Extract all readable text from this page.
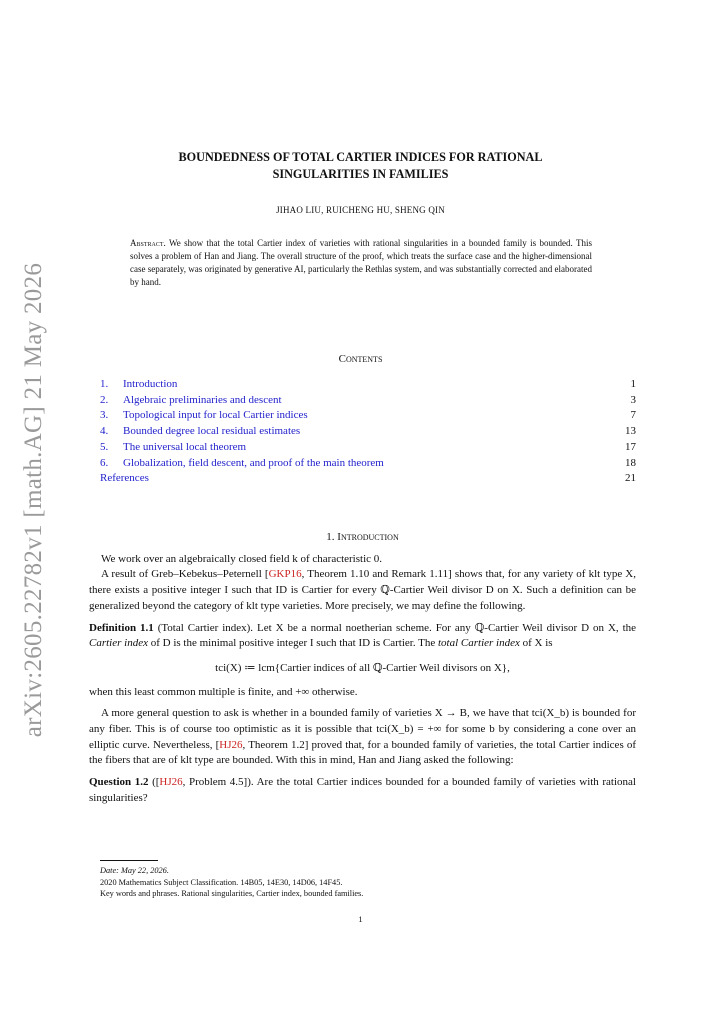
arXiv:2605.22782v1 [math.AG] 21 May 2026
BOUNDEDNESS OF TOTAL CARTIER INDICES FOR RATIONAL
SINGULARITIES IN FAMILIES
JIHAO LIU, RUICHENG HU, SHENG QIN
Abstract. We show that the total Cartier index of varieties with rational singularities in a bounded family is bounded. This solves a problem of Han and Jiang. The overall structure of the proof, which treats the surface case and the higher-dimensional case separately, was originated by generative AI, particularly the Rethlas system, and was substantially corrected and elaborated by hand.
Contents
1. Introduction	1
2. Algebraic preliminaries and descent	3
3. Topological input for local Cartier indices	7
4. Bounded degree local residual estimates	13
5. The universal local theorem	17
6. Globalization, field descent, and proof of the main theorem	18
References	21
1. Introduction

We work over an algebraically closed field k of characteristic 0.

A result of Greb–Kebekus–Peternell [GKP16, Theorem 1.10 and Remark 1.11] shows that, for any variety of klt type X, there exists a positive integer I such that ID is Cartier for every ℚ-Cartier Weil divisor D on X. Such a definition can be generalized beyond the category of klt type varieties. More precisely, we may define the following.

Definition 1.1 (Total Cartier index). Let X be a normal noetherian scheme. For any ℚ-Cartier Weil divisor D on X, the Cartier index of D is the minimal positive integer I such that ID is Cartier. The total Cartier index of X is

tci(X) ≔ lcm{Cartier indices of all ℚ-Cartier Weil divisors on X},

when this least common multiple is finite, and +∞ otherwise.

A more general question to ask is whether in a bounded family of varieties X → B, we have that tci(X_b) is bounded for any fiber. This is of course too optimistic as it is possible that tci(X_b) = +∞ for some b by considering a cone over an elliptic curve. Nevertheless, [HJ26, Theorem 1.2] proved that, for a bounded family of varieties, the total Cartier indices of the fibers that are of klt type are bounded. With this in mind, Han and Jiang asked the following:

Question 1.2 ([HJ26, Problem 4.5]). Are the total Cartier indices bounded for a bounded family of varieties with rational singularities?

Date: May 22, 2026.
2020 Mathematics Subject Classification. 14B05, 14E30, 14D06, 14F45.
Key words and phrases. Rational singularities, Cartier index, bounded families.
1
